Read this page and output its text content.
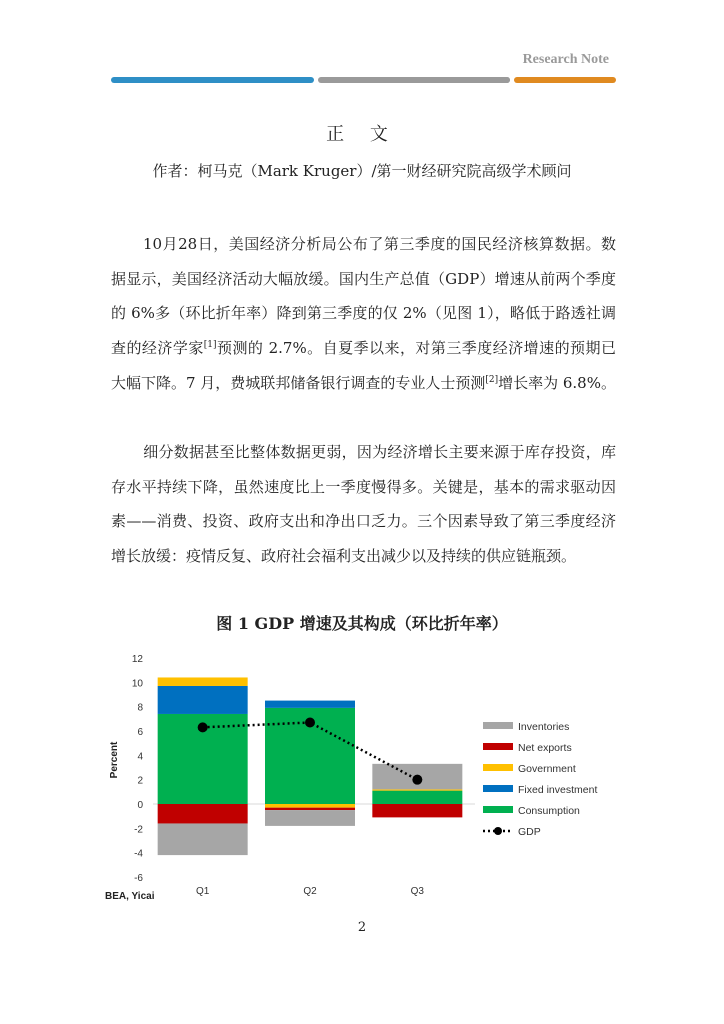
Research Note
正 文
作者：柯马克（Mark Kruger）/第一财经研究院高级学术顾问
10月28日，美国经济分析局公布了第三季度的国民经济核算数据。数据显示，美国经济活动大幅放缓。国内生产总值（GDP）增速从前两个季度的 6%多（环比折年率）降到第三季度的仅 2%（见图 1），略低于路透社调查的经济学家[1]预测的 2.7%。自夏季以来，对第三季度经济增速的预期已大幅下降。7 月，费城联邦储备银行调查的专业人士预测[2]增长率为 6.8%。
细分数据甚至比整体数据更弱，因为经济增长主要来源于库存投资，库存水平持续下降，虽然速度比上一季度慢得多。关键是，基本的需求驱动因素——消费、投资、政府支出和净出口乏力。三个因素导致了第三季度经济增长放缓：疫情反复、政府社会福利支出减少以及持续的供应链瓶颈。
图 1 GDP 增速及其构成（环比折年率）
-6
-4
-2
0
2
4
6
8
10
12
Q1	Q2	Q3
Inventories
Net exports
Government
Fixed investment
Consumption
GDP
Percent
BEA, Yicai
2
